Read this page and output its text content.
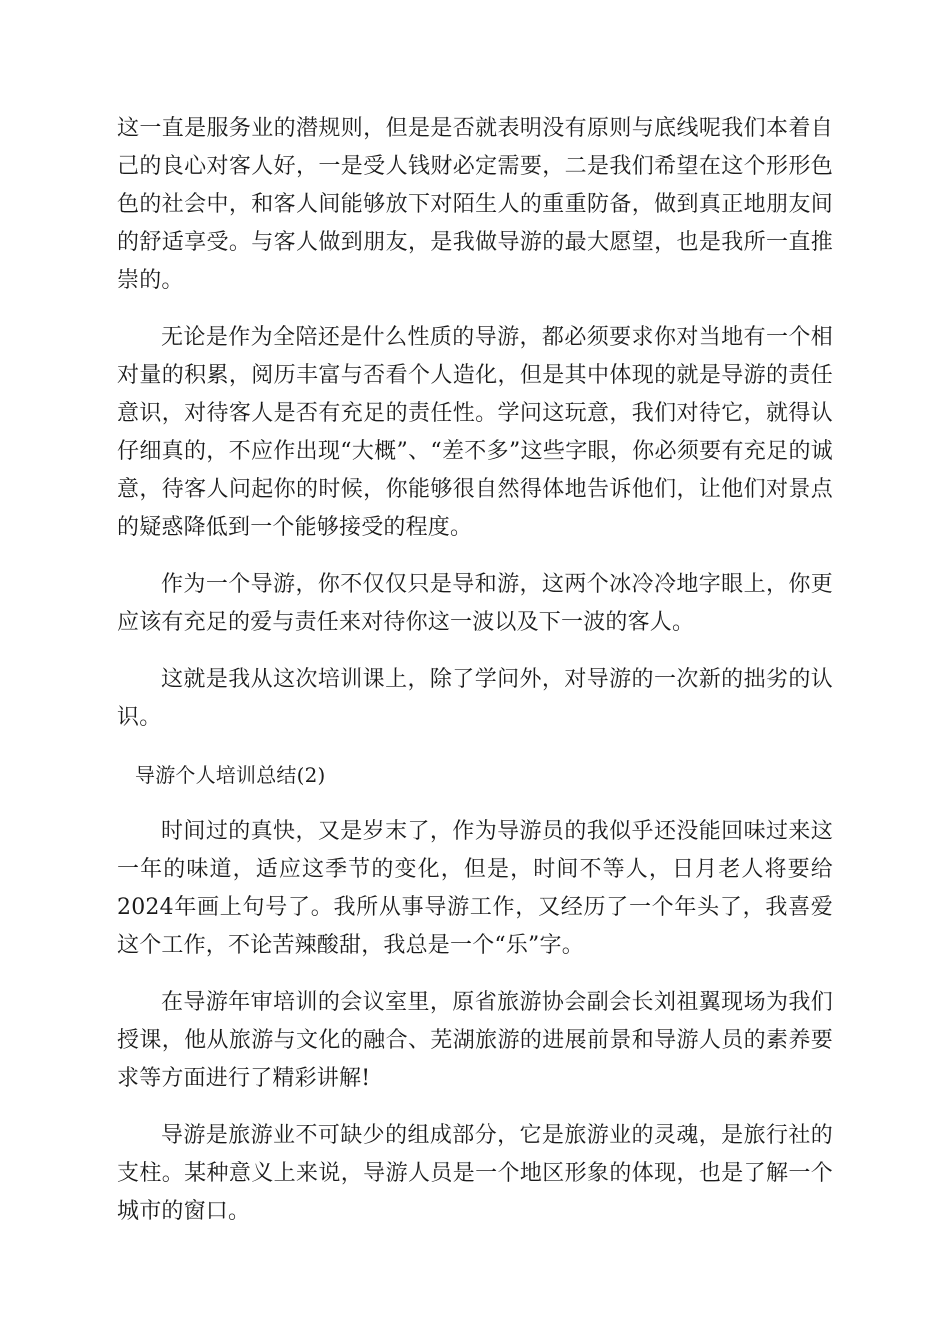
这一直是服务业的潜规则，但是是否就表明没有原则与底线呢我们本着自己的良心对客人好，一是受人钱财必定需要，二是我们希望在这个形形色色的社会中，和客人间能够放下对陌生人的重重防备，做到真正地朋友间的舒适享受。与客人做到朋友，是我做导游的最大愿望，也是我所一直推崇的。

无论是作为全陪还是什么性质的导游，都必须要求你对当地有一个相对量的积累，阅历丰富与否看个人造化，但是其中体现的就是导游的责任意识，对待客人是否有充足的责任性。学问这玩意，我们对待它，就得认仔细真的，不应作出现“大概”、“差不多”这些字眼，你必须要有充足的诚意，待客人问起你的时候，你能够很自然得体地告诉他们，让他们对景点的疑惑降低到一个能够接受的程度。

作为一个导游，你不仅仅只是导和游，这两个冰冷冷地字眼上，你更应该有充足的爱与责任来对待你这一波以及下一波的客人。

这就是我从这次培训课上，除了学问外，对导游的一次新的拙劣的认识。

导游个人培训总结(2)

时间过的真快，又是岁末了，作为导游员的我似乎还没能回味过来这一年的味道，适应这季节的变化，但是，时间不等人，日月老人将要给2024年画上句号了。我所从事导游工作，又经历了一个年头了，我喜爱这个工作，不论苦辣酸甜，我总是一个“乐”字。

在导游年审培训的会议室里，原省旅游协会副会长刘祖翼现场为我们授课，他从旅游与文化的融合、芜湖旅游的进展前景和导游人员的素养要求等方面进行了精彩讲解!

导游是旅游业不可缺少的组成部分，它是旅游业的灵魂，是旅行社的支柱。某种意义上来说，导游人员是一个地区形象的体现，也是了解一个城市的窗口。
